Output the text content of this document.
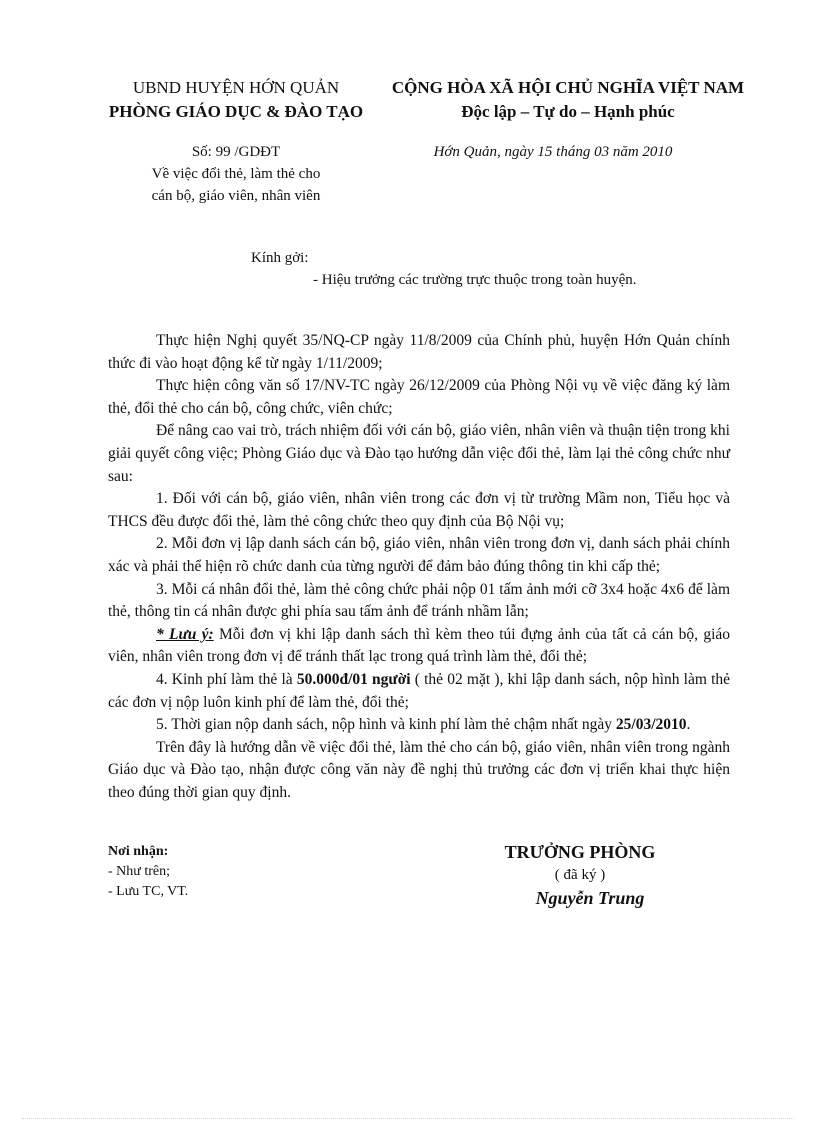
UBND HUYỆN HỚN QUẢN
PHÒNG GIÁO DỤC & ĐÀO TẠO
CỘNG HÒA XÃ HỘI CHỦ NGHĨA VIỆT NAM
Độc lập – Tự do – Hạnh phúc
Số: 99 /GDĐT
Về việc đổi thẻ, làm thẻ cho
cán bộ, giáo viên, nhân viên
Hớn Quản, ngày 15 tháng 03 năm 2010
Kính gởi:
- Hiệu trưởng các trường trực thuộc trong toàn huyện.

Thực hiện Nghị quyết 35/NQ-CP ngày 11/8/2009 của Chính phủ, huyện Hớn Quản chính thức đi vào hoạt động kể từ ngày 1/11/2009;

Thực hiện công văn số 17/NV-TC ngày 26/12/2009 của Phòng Nội vụ về việc đăng ký làm thẻ, đổi thẻ cho cán bộ, công chức, viên chức;

Để nâng cao vai trò, trách nhiệm đối với cán bộ, giáo viên, nhân viên và thuận tiện trong khi giải quyết công việc; Phòng Giáo dục và Đào tạo hướng dẫn việc đổi thẻ, làm lại thẻ công chức như sau:

1. Đối với cán bộ, giáo viên, nhân viên trong các đơn vị từ trường Mầm non, Tiểu học và THCS đều được đổi thẻ, làm thẻ công chức theo quy định của Bộ Nội vụ;

2. Mỗi đơn vị lập danh sách cán bộ, giáo viên, nhân viên trong đơn vị, danh sách phải chính xác và phải thể hiện rõ chức danh của từng người để đảm bảo đúng thông tin khi cấp thẻ;

3. Mỗi cá nhân đổi thẻ, làm thẻ công chức phải nộp 01 tấm ảnh mới cỡ 3x4 hoặc 4x6 để làm thẻ, thông tin cá nhân được ghi phía sau tấm ảnh để tránh nhầm lẫn;

* Lưu ý: Mỗi đơn vị khi lập danh sách thì kèm theo túi đựng ảnh của tất cả cán bộ, giáo viên, nhân viên trong đơn vị để tránh thất lạc trong quá trình làm thẻ, đổi thẻ;

4. Kinh phí làm thẻ là 50.000đ/01 người ( thẻ 02 mặt ), khi lập danh sách, nộp hình làm thẻ các đơn vị nộp luôn kinh phí để làm thẻ, đổi thẻ;

5. Thời gian nộp danh sách, nộp hình và kinh phí làm thẻ chậm nhất ngày 25/03/2010.

Trên đây là hướng dẫn về việc đổi thẻ, làm thẻ cho cán bộ, giáo viên, nhân viên trong ngành Giáo dục và Đào tạo, nhận được công văn này đề nghị thủ trưởng các đơn vị triển khai thực hiện theo đúng thời gian quy định.

Nơi nhận:
- Như trên;
- Lưu TC, VT.
TRƯỞNG PHÒNG
( đã ký )
Nguyễn Trung
